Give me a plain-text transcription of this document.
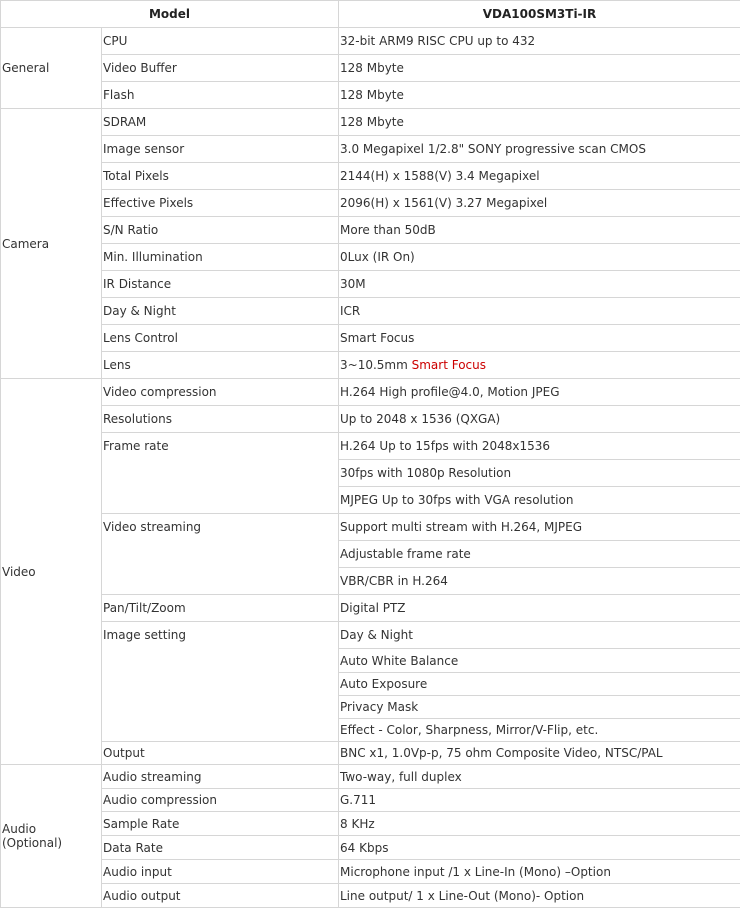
Model		VDA100SM3Ti-IR
General	CPU	32-bit ARM9 RISC CPU up to 432
	Video Buffer	128 Mbyte
	Flash	128 Mbyte
Camera	SDRAM	128 Mbyte
	Image sensor	3.0 Megapixel 1/2.8" SONY progressive scan CMOS
	Total Pixels	2144(H) x 1588(V) 3.4 Megapixel
	Effective Pixels	2096(H) x 1561(V) 3.27 Megapixel
	S/N Ratio	More than 50dB
	Min. Illumination	0Lux (IR On)
	IR Distance	30M
	Day & Night	ICR
	Lens Control	Smart Focus
	Lens	3~10.5mm Smart Focus
Video	Video compression	H.264 High profile@4.0, Motion JPEG
	Resolutions	Up to 2048 x 1536 (QXGA)
	Frame rate	H.264 Up to 15fps with 2048x1536
		30fps with 1080p Resolution
		MJPEG Up to 30fps with VGA resolution
	Video streaming	Support multi stream with H.264, MJPEG
		Adjustable frame rate
		VBR/CBR in H.264
	Pan/Tilt/Zoom	Digital PTZ
	Image setting	Day & Night
		Auto White Balance
		Auto Exposure
		Privacy Mask
		Effect - Color, Sharpness, Mirror/V-Flip, etc.
	Output	BNC x1, 1.0Vp-p, 75 ohm Composite Video, NTSC/PAL
Audio (Optional)	Audio streaming	Two-way, full duplex
	Audio compression	G.711
	Sample Rate	8 KHz
	Data Rate	64 Kbps
	Audio input	Microphone input /1 x Line-In (Mono) –Option
	Audio output	Line output/ 1 x Line-Out (Mono)- Option
